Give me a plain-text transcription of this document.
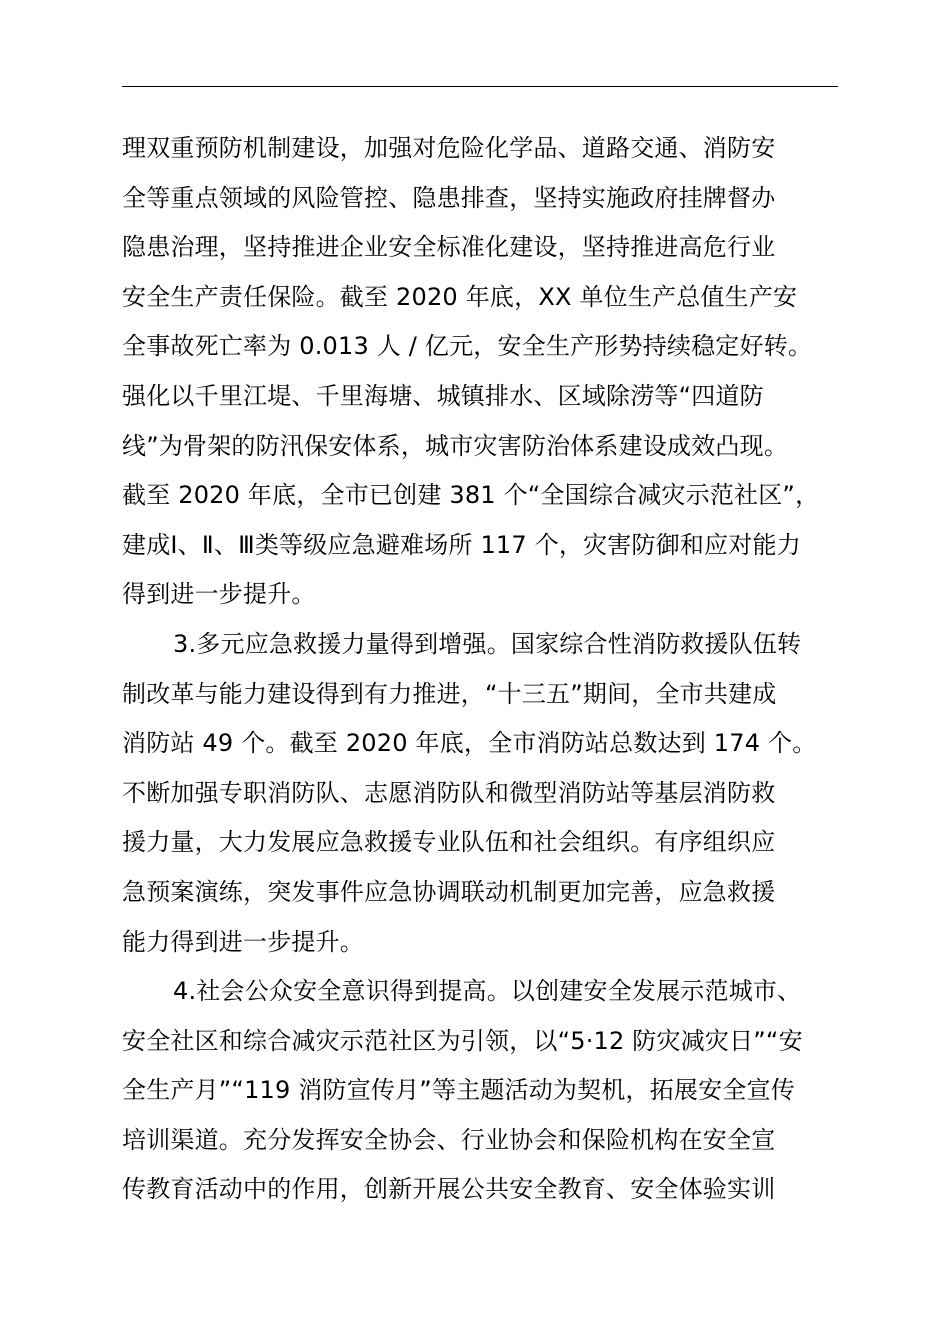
理双重预防机制建设，加强对危险化学品、道路交通、消防安
全等重点领域的风险管控、隐患排查，坚持实施政府挂牌督办
隐患治理，坚持推进企业安全标准化建设，坚持推进高危行业
安全生产责任保险。截至 2020 年底，XX 单位生产总值生产安
全事故死亡率为 0.013 人 / 亿元，安全生产形势持续稳定好转。
强化以千里江堤、千里海塘、城镇排水、区域除涝等“四道防
线”为骨架的防汛保安体系，城市灾害防治体系建设成效凸现。
截至 2020 年底，全市已创建 381 个“全国综合减灾示范社区”，
建成Ⅰ、Ⅱ、Ⅲ类等级应急避难场所 117 个，灾害防御和应对能力
得到进一步提升。
3.多元应急救援力量得到增强。国家综合性消防救援队伍转
制改革与能力建设得到有力推进，“十三五”期间，全市共建成
消防站 49 个。截至 2020 年底，全市消防站总数达到 174 个。
不断加强专职消防队、志愿消防队和微型消防站等基层消防救
援力量，大力发展应急救援专业队伍和社会组织。有序组织应
急预案演练，突发事件应急协调联动机制更加完善，应急救援
能力得到进一步提升。
4.社会公众安全意识得到提高。以创建安全发展示范城市、
安全社区和综合减灾示范社区为引领，以“5·12 防灾减灾日”“安
全生产月”“119 消防宣传月”等主题活动为契机，拓展安全宣传
培训渠道。充分发挥安全协会、行业协会和保险机构在安全宣
传教育活动中的作用，创新开展公共安全教育、安全体验实训
